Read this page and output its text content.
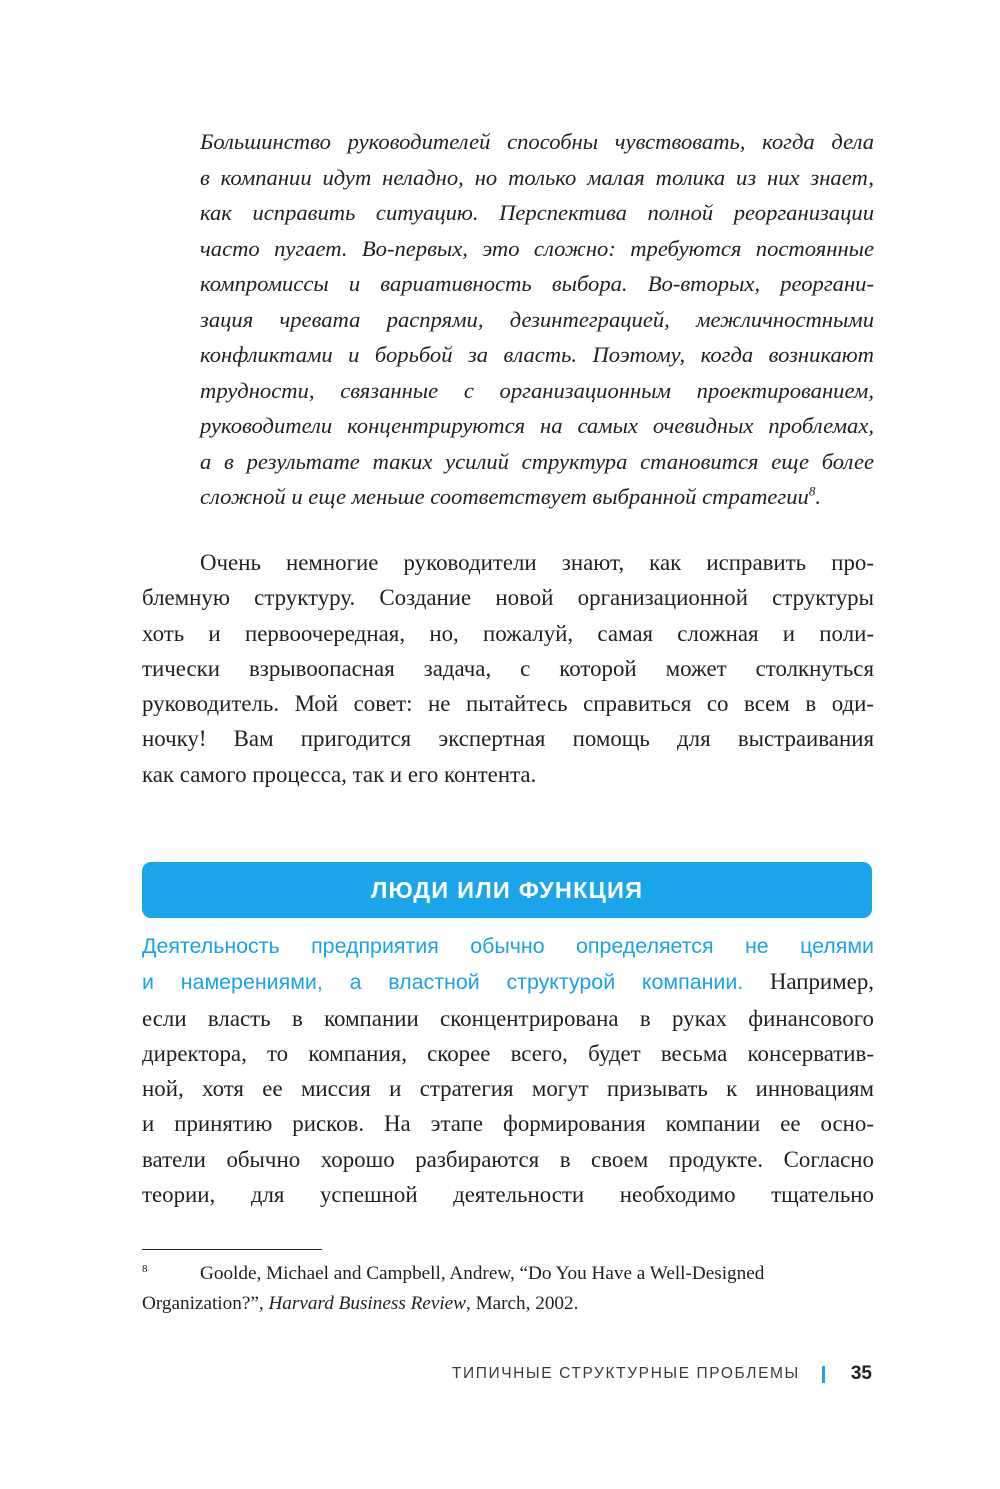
Большинство руководителей способны чувствовать, когда дела
в компании идут неладно, но только малая толика из них знает,
как исправить ситуацию. Перспектива полной реорганизации
часто пугает. Во-первых, это сложно: требуются постоянные
компромиссы и вариативность выбора. Во-вторых, реоргани-
зация чревата распрями, дезинтеграцией, межличностными
конфликтами и борьбой за власть. Поэтому, когда возникают
трудности, связанные с организационным проектированием,
руководители концентрируются на самых очевидных проблемах,
а в результате таких усилий структура становится еще более
сложной и еще меньше соответствует выбранной стратегии$^8$.
Очень немногие руководители знают, как исправить про-
блемную структуру. Создание новой организационной структуры
хоть и первоочередная, но, пожалуй, самая сложная и поли-
тически взрывоопасная задача, с которой может столкнуться
руководитель. Мой совет: не пытайтесь справиться со всем в оди-
ночку! Вам пригодится экспертная помощь для выстраивания
как самого процесса, так и его контента.
ЛЮДИ ИЛИ ФУНКЦИЯ
Деятельность предприятия обычно определяется не целями
и намерениями, а властной структурой компании. Например,
если власть в компании сконцентрирована в руках финансового
директора, то компания, скорее всего, будет весьма консерватив-
ной, хотя ее миссия и стратегия могут призывать к инновациям
и принятию рисков. На этапе формирования компании ее осно-
ватели обычно хорошо разбираются в своем продукте. Согласно
теории, для успешной деятельности необходимо тщательно
8	Goolde, Michael and Campbell, Andrew, “Do You Have a Well-Designed
Organization?”, Harvard Business Review, March, 2002.
ТИПИЧНЫЕ СТРУКТУРНЫЕ ПРОБЛЕМЫ	35
